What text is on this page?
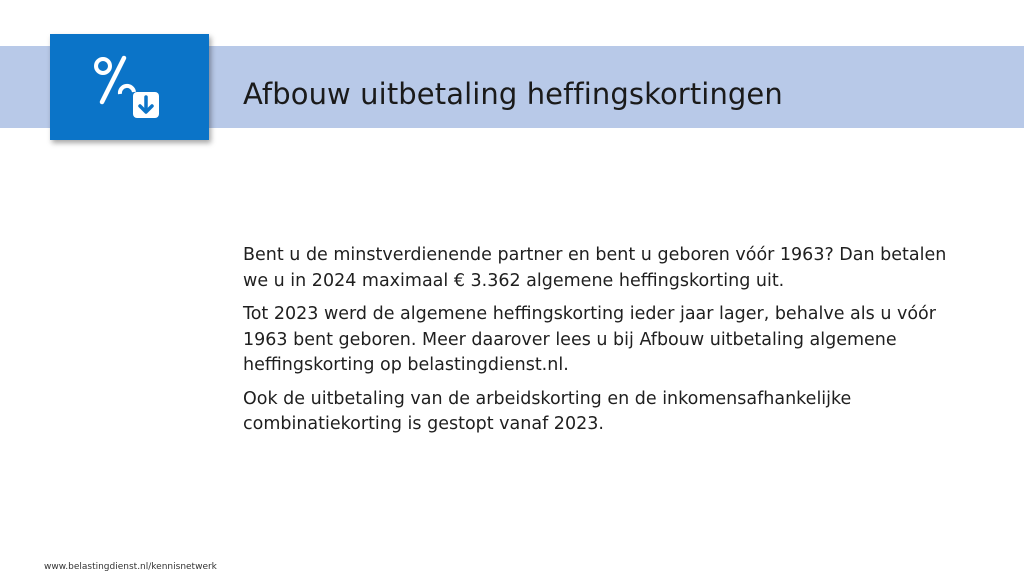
Afbouw uitbetaling heffingskortingen

Bent u de minstverdienende partner en bent u geboren vóór 1963? Dan betalen we u in 2024 maximaal € 3.362 algemene heffingskorting uit.

Tot 2023 werd de algemene heffingskorting ieder jaar lager, behalve als u vóór 1963 bent geboren. Meer daarover lees u bij Afbouw uitbetaling algemene heffingskorting op belastingdienst.nl.

Ook de uitbetaling van de arbeidskorting en de inkomensafhankelijke combinatiekorting is gestopt vanaf 2023.

www.belastingdienst.nl/kennisnetwerk
